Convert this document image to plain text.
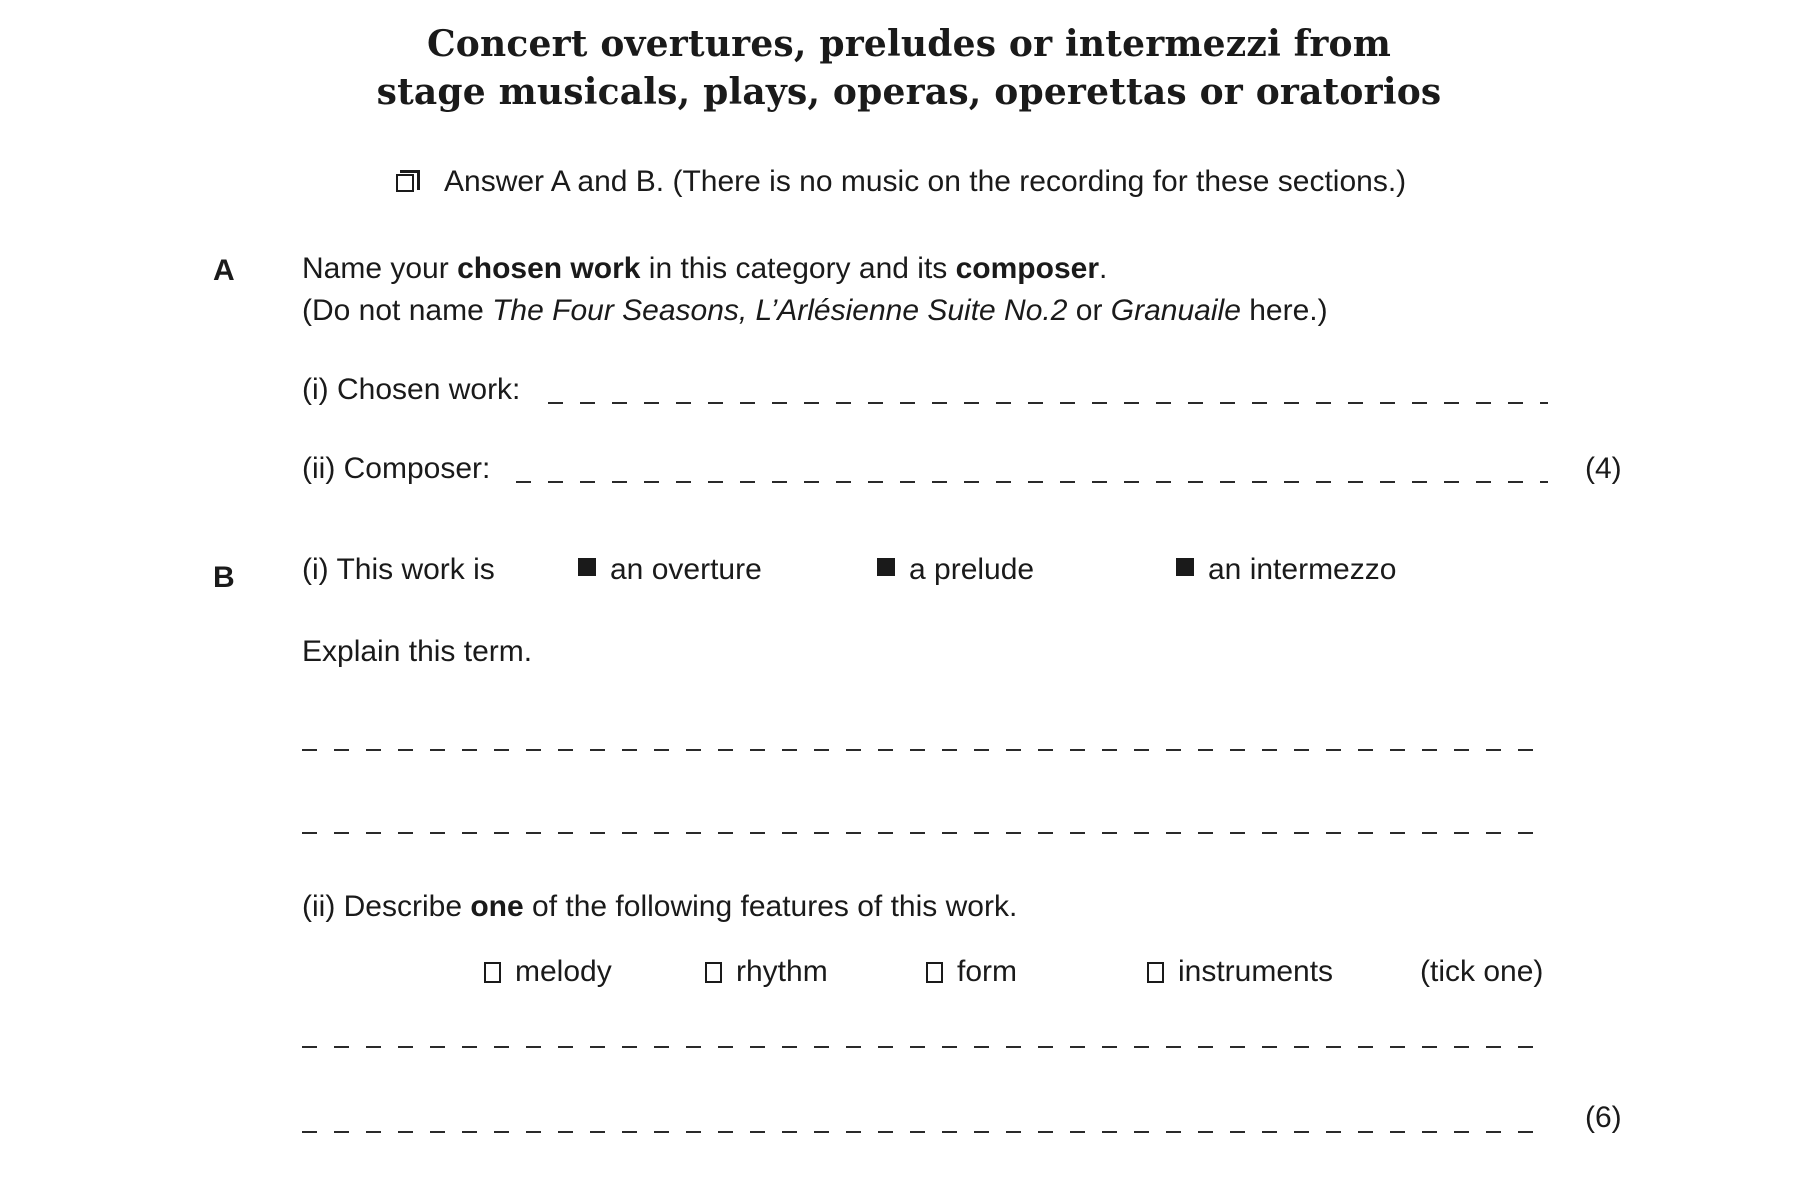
Concert overtures, preludes or intermezzi from
stage musicals, plays, operas, operettas or oratorios
Answer A and B. (There is no music on the recording for these sections.)
A Name your chosen work in this category and its composer.
(Do not name The Four Seasons, L’Arlésienne Suite No.2 or Granuaile here.)
(i) Chosen work:
(ii) Composer:	(4)
B (i) This work is	an overture	a prelude	an intermezzo
Explain this term.
(ii) Describe one of the following features of this work.
melody	rhythm	form	instruments	(tick one)
(6)
